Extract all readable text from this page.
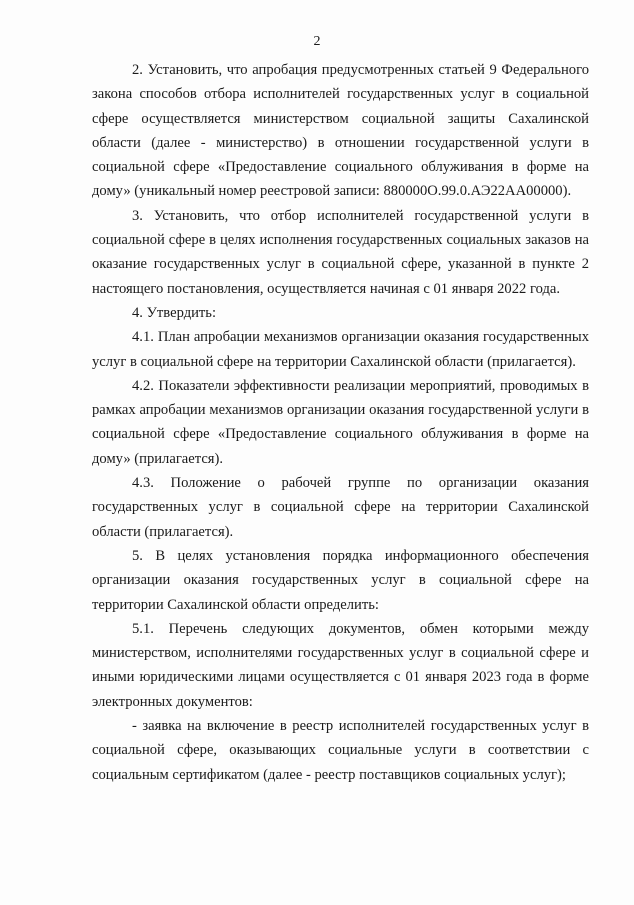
2

2. Установить, что апробация предусмотренных статьей 9 Федерального закона способов отбора исполнителей государственных услуг в социальной сфере осуществляется министерством социальной защиты Сахалинской области (далее - министерство) в отношении государственной услуги в социальной сфере «Предоставление социального облуживания в форме на дому» (уникальный номер реестровой записи: 880000О.99.0.АЭ22АА00000).

3. Установить, что отбор исполнителей государственной услуги в социальной сфере в целях исполнения государственных социальных заказов на оказание государственных услуг в социальной сфере, указанной в пункте 2 настоящего постановления, осуществляется начиная с 01 января 2022 года.

4. Утвердить:

4.1. План апробации механизмов организации оказания государственных услуг в социальной сфере на территории Сахалинской области (прилагается).

4.2. Показатели эффективности реализации мероприятий, проводимых в рамках апробации механизмов организации оказания государственной услуги в социальной сфере «Предоставление социального облуживания в форме на дому» (прилагается).

4.3. Положение о рабочей группе по организации оказания государственных услуг в социальной сфере на территории Сахалинской области (прилагается).

5. В целях установления порядка информационного обеспечения организации оказания государственных услуг в социальной сфере на территории Сахалинской области определить:

5.1. Перечень следующих документов, обмен которыми между министерством, исполнителями государственных услуг в социальной сфере и иными юридическими лицами осуществляется с 01 января 2023 года в форме электронных документов:

- заявка на включение в реестр исполнителей государственных услуг в социальной сфере, оказывающих социальные услуги в соответствии с социальным сертификатом (далее - реестр поставщиков социальных услуг);
